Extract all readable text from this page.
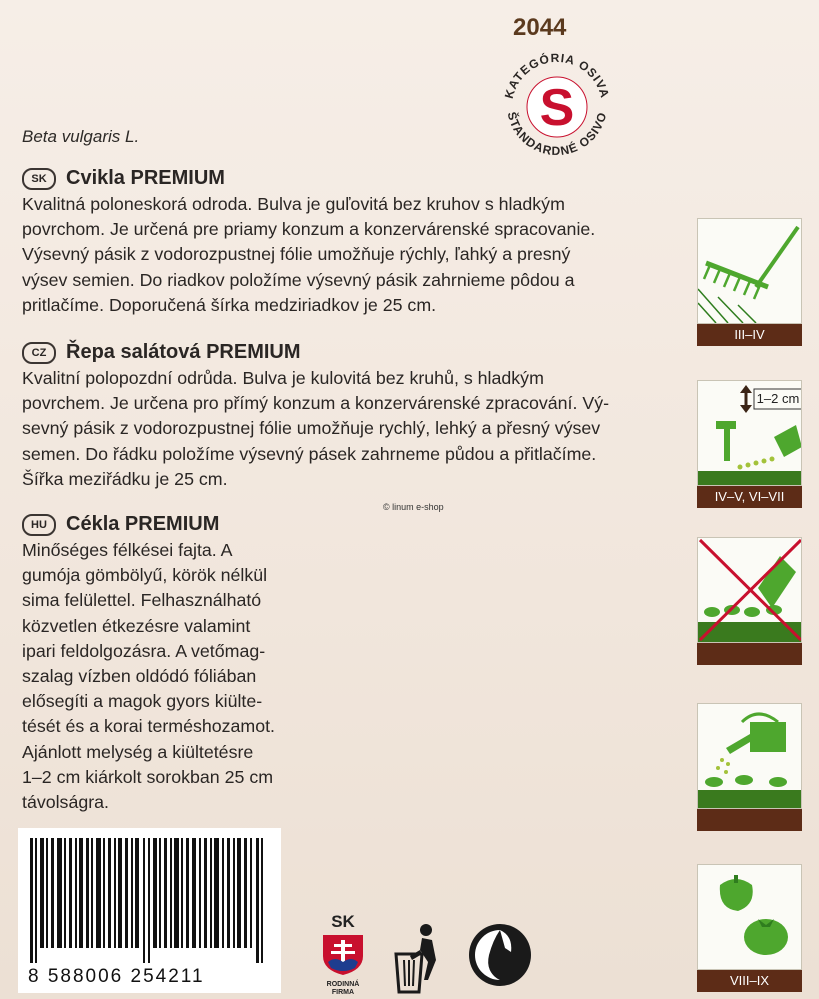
2044
S
KATEGÓRIA OSIVA
ŠTANDARDNÉ OSIVO
Beta vulgaris L.
SK Cvikla PREMIUM
Kvalitná poloneskorá odroda. Bulva je guľovitá bez kruhov s hladkým
povrchom. Je určená pre priamy konzum a konzervárenské spracovanie.
Výsevný pásik z vodorozpustnej fólie umožňuje rýchly, ľahký a presný
výsev semien. Do riadkov položíme výsevný pásik zahrnieme pôdou a
pritlačíme. Doporučená šírka medziriadkov je 25 cm.
CZ Řepa salátová PREMIUM
Kvalitní polopozdní odrůda. Bulva je kulovitá bez kruhů, s hladkým
povrchem. Je určena pro přímý konzum a konzervárenské zpracování. Vý-
sevný pásik z vodorozpustnej fólie umožňuje rychlý, lehký a přesný výsev
semen. Do řádku položíme výsevný pásek zahrneme půdou a přitlačíme.
Šířka meziřádku je 25 cm.
© linum e-shop
HU Cékla PREMIUM
Minőséges félkései fajta. A
gumója gömbölyű, körök nélkül
sima felülettel. Felhasználható
közvetlen étkezésre valamint
ipari feldolgozásra. A vetőmag-
szalag vízben oldódó fóliában
elősegíti a magok gyors kiülte-
tését és a korai terméshozamot.
Ajánlott melység a kiültetésre
1–2 cm kiárkolt sorokban 25 cm
távolságra.
III–IV
1–2 cm
IV–V, VI–VII
VIII–IX
8 588006 254211
SK
RODINNÁ
FIRMA
